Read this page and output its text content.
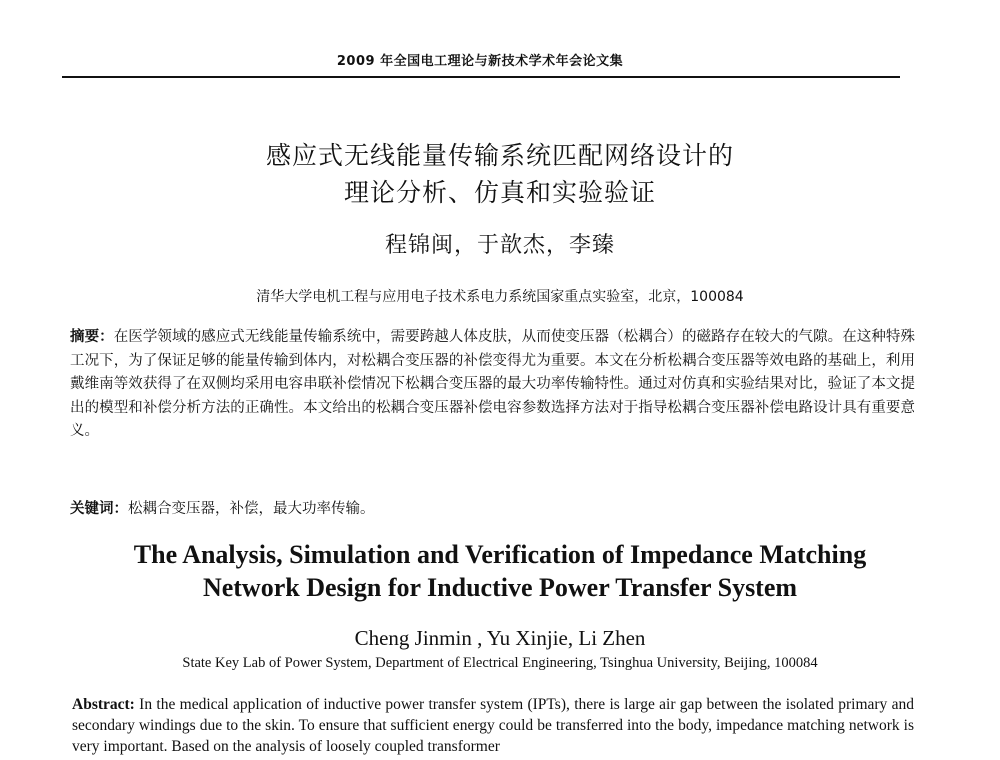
2009 年全国电工理论与新技术学术年会论文集
感应式无线能量传输系统匹配网络设计的
理论分析、仿真和实验验证
程锦闽，于歆杰，李臻
清华大学电机工程与应用电子技术系电力系统国家重点实验室，北京，100084
摘要：在医学领域的感应式无线能量传输系统中，需要跨越人体皮肤，从而使变压器（松耦合）的磁路存在较大的气隙。在这种特殊工况下，为了保证足够的能量传输到体内，对松耦合变压器的补偿变得尤为重要。本文在分析松耦合变压器等效电路的基础上，利用戴维南等效获得了在双侧均采用电容串联补偿情况下松耦合变压器的最大功率传输特性。通过对仿真和实验结果对比，验证了本文提出的模型和补偿分析方法的正确性。本文给出的松耦合变压器补偿电容参数选择方法对于指导松耦合变压器补偿电路设计具有重要意义。
关键词：松耦合变压器，补偿，最大功率传输。
The Analysis, Simulation and Verification of Impedance Matching
Network Design for Inductive Power Transfer System
Cheng Jinmin , Yu Xinjie, Li Zhen
State Key Lab of Power System, Department of Electrical Engineering, Tsinghua University, Beijing, 100084
Abstract: In the medical application of inductive power transfer system (IPTs), there is large air gap between the isolated primary and secondary windings due to the skin. To ensure that sufficient energy could be transferred into the body, impedance matching network is very important. Based on the analysis of loosely coupled transformer
